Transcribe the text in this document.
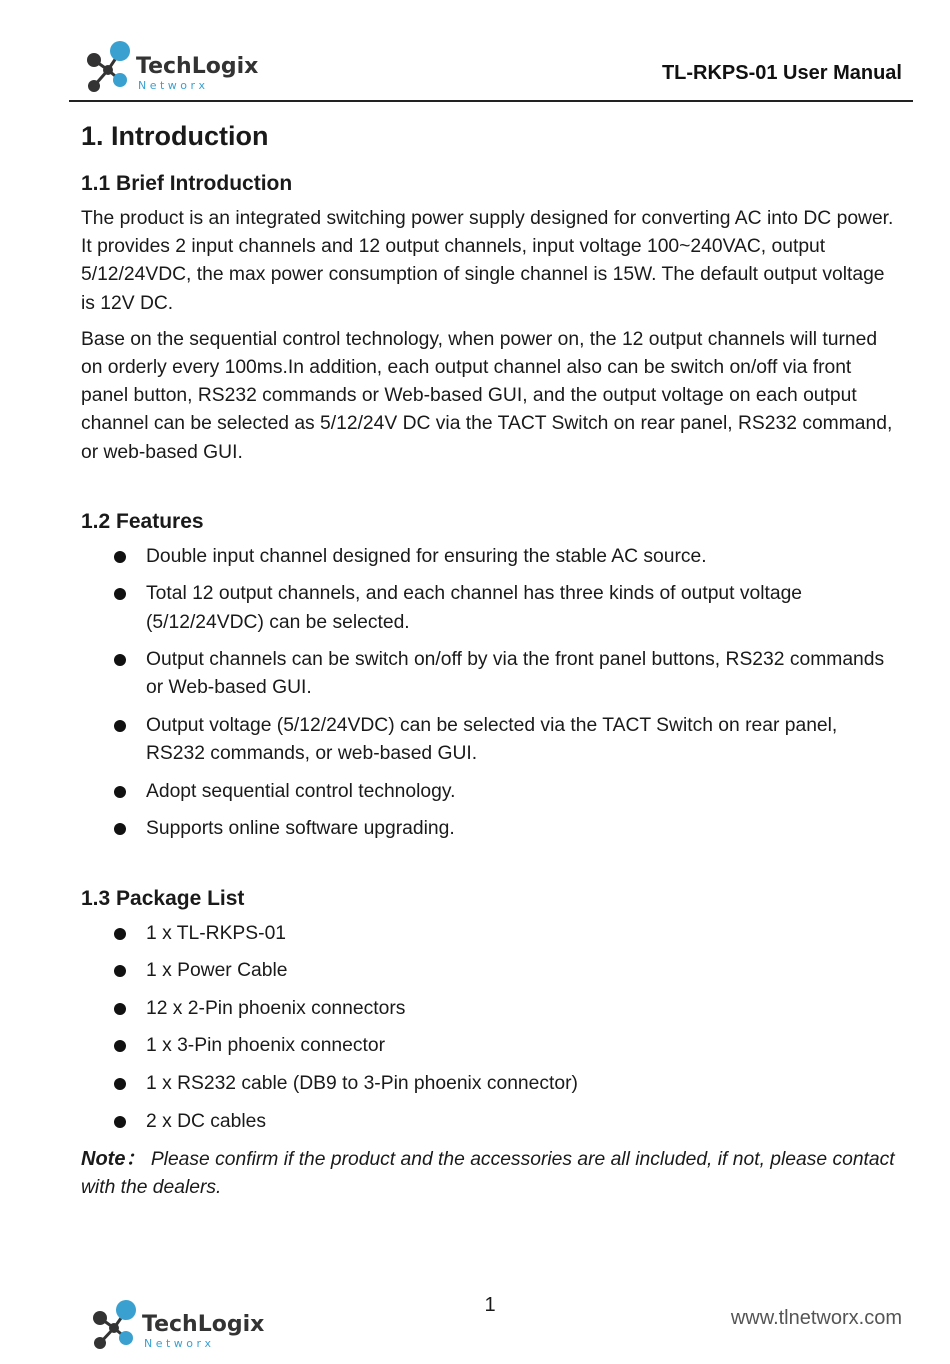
TechLogix
N e t w o r x
TL-RKPS-01 User Manual
1. Introduction
1.1 Brief Introduction

The product is an integrated switching power supply designed for converting AC into DC power. It provides 2 input channels and 12 output channels, input voltage 100~240VAC, output 5/12/24VDC, the max power consumption of single channel is 15W. The default output voltage is 12V DC.

Base on the sequential control technology, when power on, the 12 output channels will turned on orderly every 100ms.In addition, each output channel also can be switch on/off via front panel button, RS232 commands or Web-based GUI, and the output voltage on each output channel can be selected as 5/12/24V DC via the TACT Switch on rear panel, RS232 command, or web-based GUI.

1.2 Features
Double input channel designed for ensuring the stable AC source.
Total 12 output channels, and each channel has three kinds of output voltage (5/12/24VDC) can be selected.
Output channels can be switch on/off by via the front panel buttons, RS232 commands or Web-based GUI.
Output voltage (5/12/24VDC) can be selected via the TACT Switch on rear panel, RS232 commands, or web-based GUI.
Adopt sequential control technology.
Supports online software upgrading.
1.3 Package List
1 x TL-RKPS-01
1 x Power Cable
12 x 2-Pin phoenix connectors
1 x 3-Pin phoenix connector
1 x RS232 cable (DB9 to 3-Pin phoenix connector)
2 x DC cables

Note： Please confirm if the product and the accessories are all included, if not, please contact with the dealers.

1
TechLogix
N e t w o r x
www.tlnetworx.com
